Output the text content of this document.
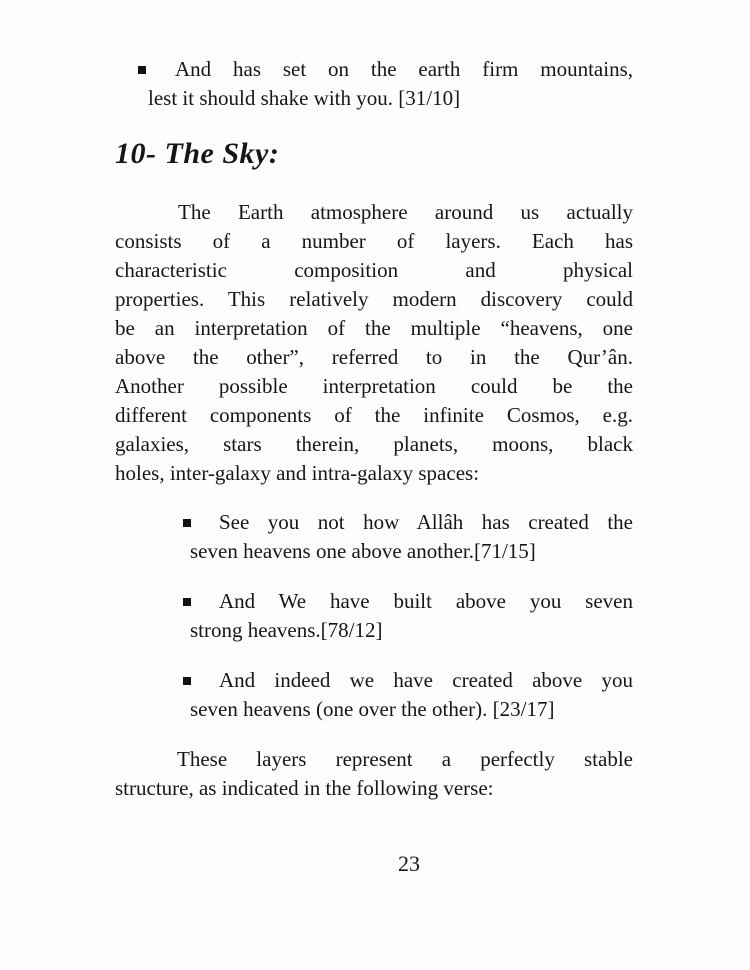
And has set on the earth firm mountains,
lest it should shake with you. [31/10]
10- The Sky:
The Earth atmosphere around us actually
consists of a number of layers. Each has
characteristic composition and physical
properties. This relatively modern discovery could
be an interpretation of the multiple “heavens, one
above the other”, referred to in the Qur’ân.
Another possible interpretation could be the
different components of the infinite Cosmos, e.g.
galaxies, stars therein, planets, moons, black
holes, inter-galaxy and intra-galaxy spaces:
See you not how Allâh has created the
seven heavens one above another.[71/15]
And We have built above you seven
strong heavens.[78/12]
And indeed we have created above you
seven heavens (one over the other). [23/17]
These layers represent a perfectly stable
structure, as indicated in the following verse:
23
